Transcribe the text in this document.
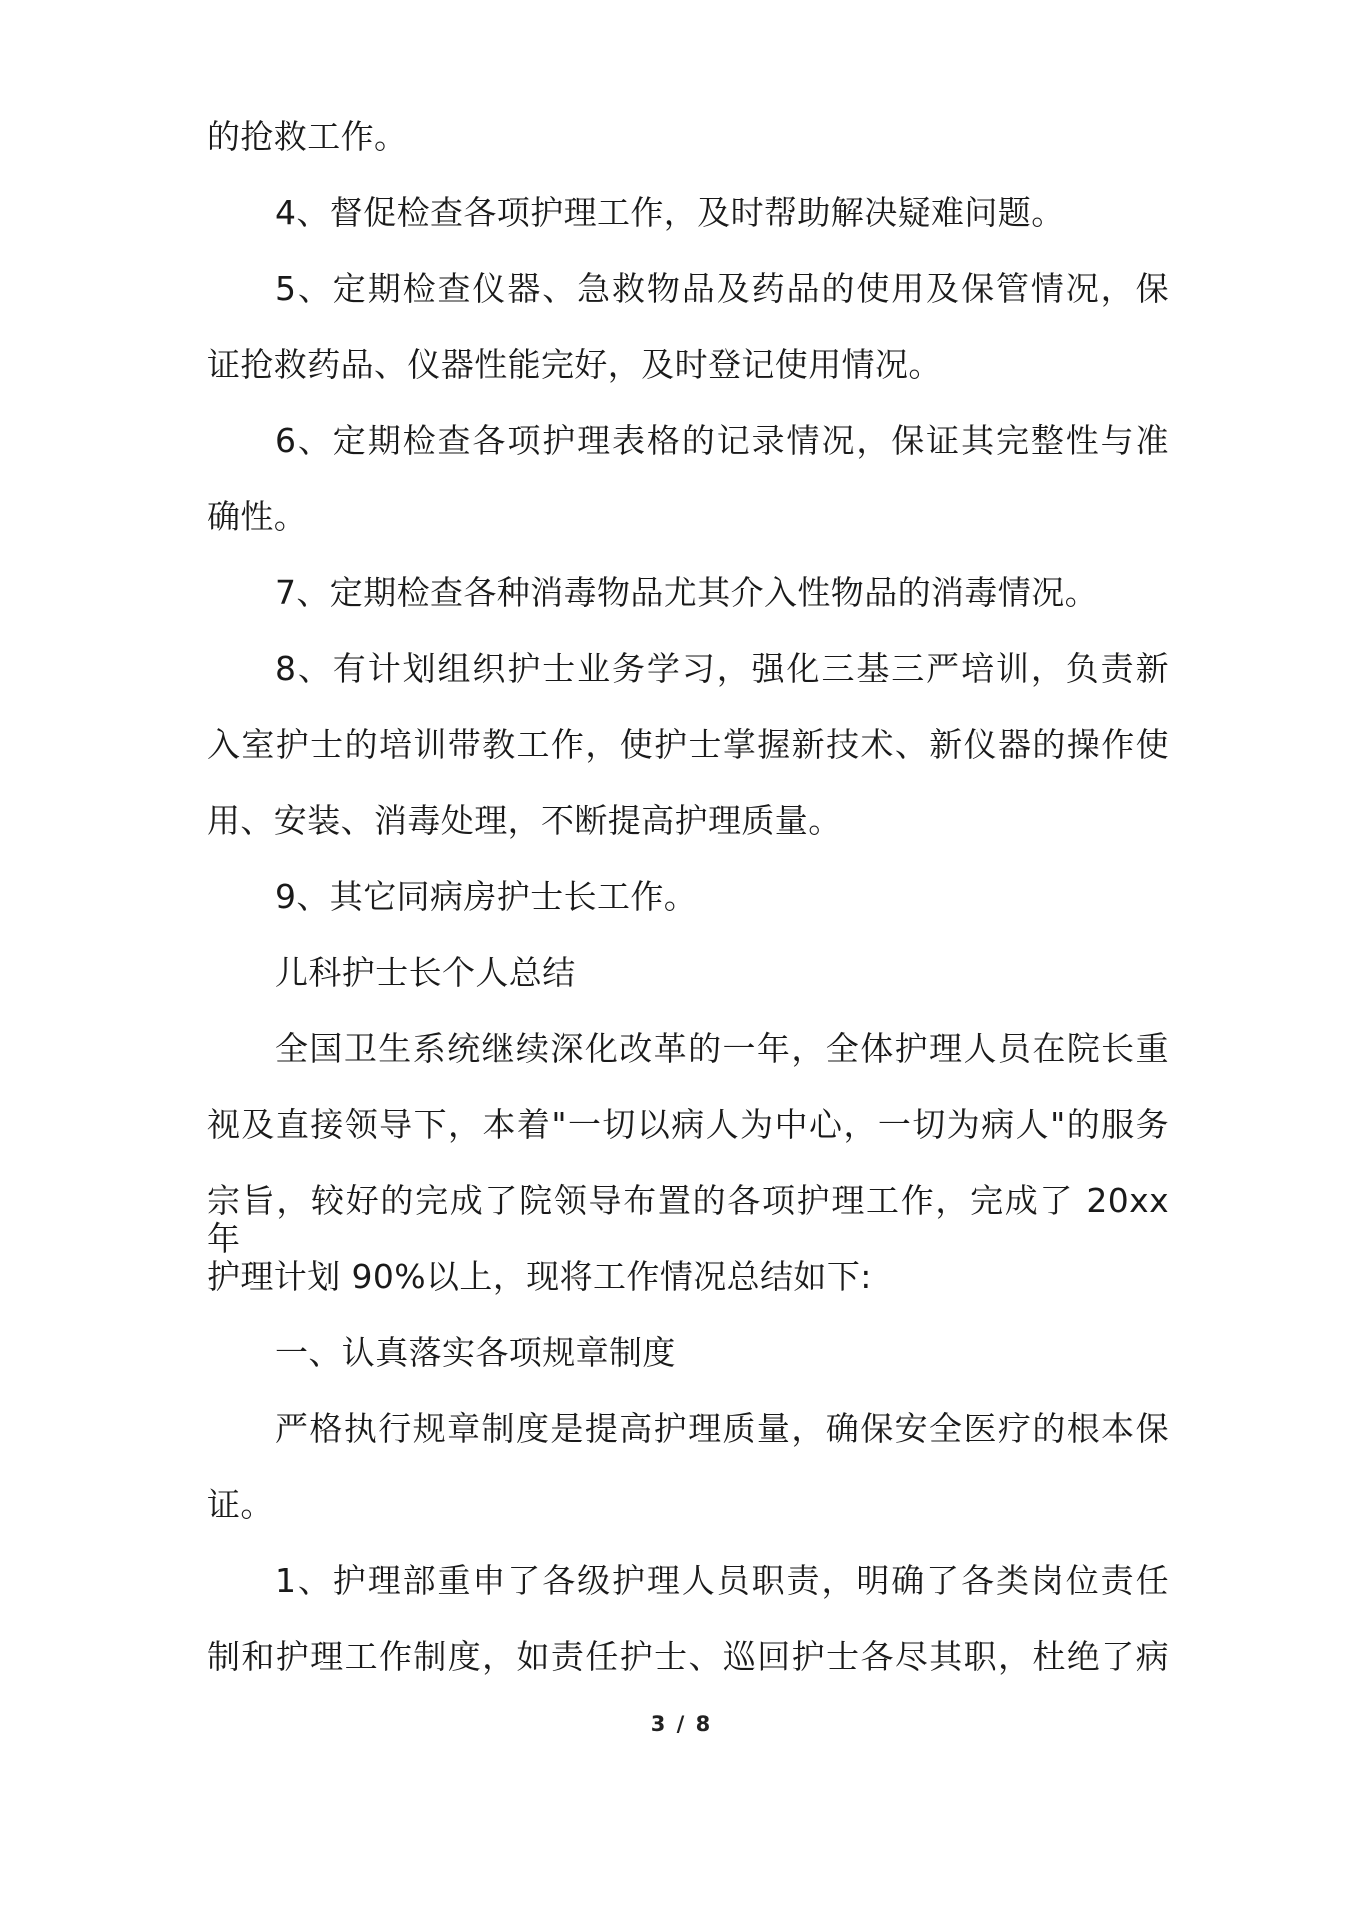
的抢救工作。
4、督促检查各项护理工作，及时帮助解决疑难问题。
5、定期检查仪器、急救物品及药品的使用及保管情况，保
证抢救药品、仪器性能完好，及时登记使用情况。
6、定期检查各项护理表格的记录情况，保证其完整性与准
确性。
7、定期检查各种消毒物品尤其介入性物品的消毒情况。
8、有计划组织护士业务学习，强化三基三严培训，负责新
入室护士的培训带教工作，使护士掌握新技术、新仪器的操作使
用、安装、消毒处理，不断提高护理质量。
9、其它同病房护士长工作。
儿科护士长个人总结
全国卫生系统继续深化改革的一年，全体护理人员在院长重
视及直接领导下，本着"一切以病人为中心，一切为病人"的服务
宗旨，较好的完成了院领导布置的各项护理工作，完成了 20xx 年
护理计划 90%以上，现将工作情况总结如下:
一、认真落实各项规章制度
严格执行规章制度是提高护理质量，确保安全医疗的根本保
证。
1、护理部重申了各级护理人员职责，明确了各类岗位责任
制和护理工作制度，如责任护士、巡回护士各尽其职，杜绝了病
3 / 8
